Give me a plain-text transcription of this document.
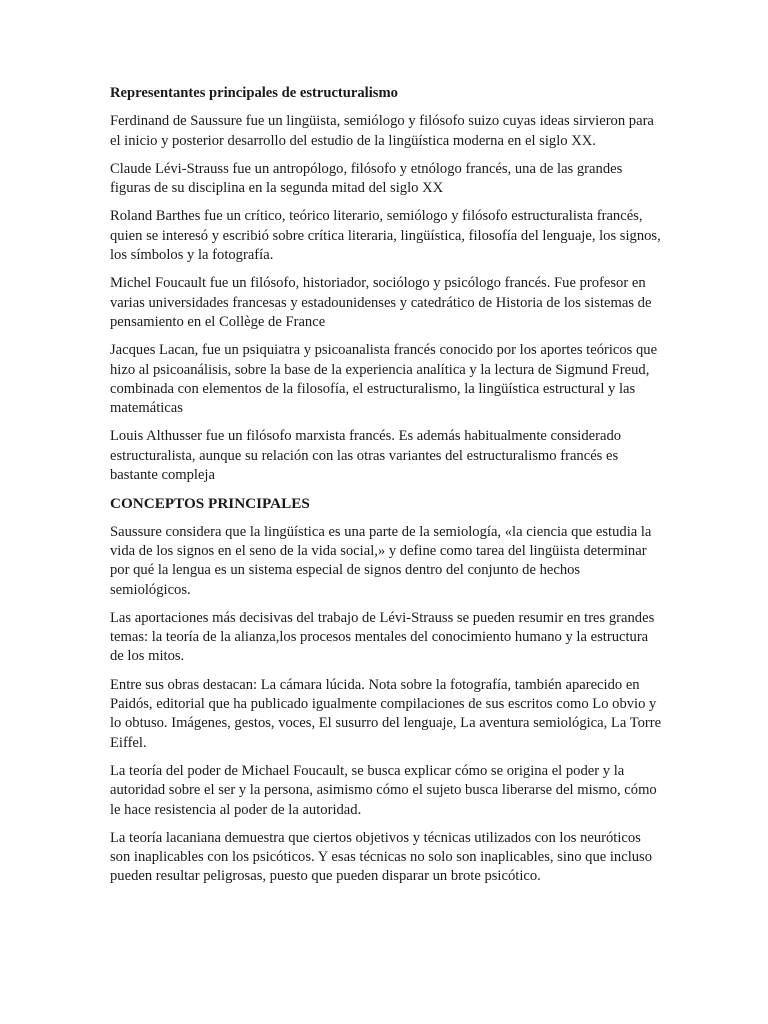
Representantes principales de estructuralismo
Ferdinand de Saussure fue un lingüista, semiólogo y filósofo suizo cuyas ideas sirvieron para el inicio y posterior desarrollo del estudio de la lingüística moderna en el siglo XX.
Claude Lévi-Strauss fue un antropólogo, filósofo y etnólogo francés, una de las grandes figuras de su disciplina en la segunda mitad del siglo XX
Roland Barthes fue un crítico, teórico literario, semiólogo y filósofo estructuralista francés, quien se interesó y escribió sobre crítica literaria, lingüística, filosofía del lenguaje, los signos, los símbolos y la fotografía.
Michel Foucault fue un filósofo, historiador, sociólogo y psicólogo francés. Fue profesor en varias universidades francesas y estadounidenses y catedrático de Historia de los sistemas de pensamiento en el Collège de France
Jacques Lacan, fue un psiquiatra y psicoanalista francés conocido por los aportes teóricos que hizo al psicoanálisis, sobre la base de la experiencia analítica y la lectura de Sigmund Freud, combinada con elementos de la filosofía, el estructuralismo, la lingüística estructural y las matemáticas
Louis Althusser fue un filósofo marxista francés. Es además habitualmente considerado estructuralista, aunque su relación con las otras variantes del estructuralismo francés es bastante compleja
CONCEPTOS PRINCIPALES
Saussure considera que la lingüística es una parte de la semiología, «la ciencia que estudia la vida de los signos en el seno de la vida social,» y define como tarea del lingüista determinar por qué la lengua es un sistema especial de signos dentro del conjunto de hechos semiológicos.
Las aportaciones más decisivas del trabajo de Lévi-Strauss se pueden resumir en tres grandes temas: la teoría de la alianza,los procesos mentales del conocimiento humano y la estructura de los mitos.
Entre sus obras destacan: La cámara lúcida. Nota sobre la fotografía, también aparecido en Paidós, editorial que ha publicado igualmente compilaciones de sus escritos como Lo obvio y lo obtuso. Imágenes, gestos, voces, El susurro del lenguaje, La aventura semiológica, La Torre Eiffel.
La teoría del poder de Michael Foucault, se busca explicar cómo se origina el poder y la autoridad sobre el ser y la persona, asimismo cómo el sujeto busca liberarse del mismo, cómo le hace resistencia al poder de la autoridad.
La teoría lacaniana demuestra que ciertos objetivos y técnicas utilizados con los neuróticos son inaplicables con los psicóticos. Y esas técnicas no solo son inaplicables, sino que incluso pueden resultar peligrosas, puesto que pueden disparar un brote psicótico.
